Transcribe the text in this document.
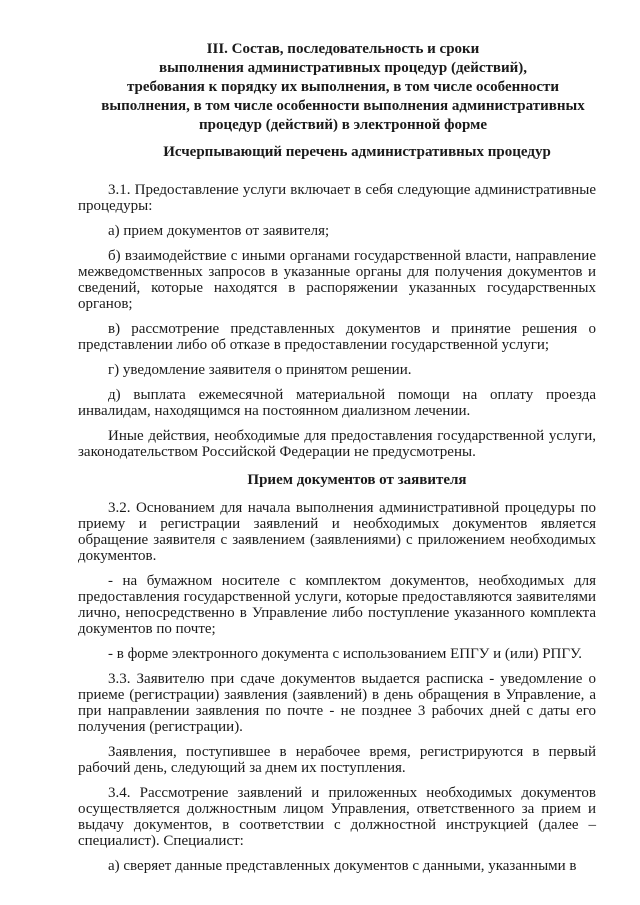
III. Состав, последовательность и сроки
выполнения административных процедур (действий),
требования к порядку их выполнения, в том числе особенности
выполнения, в том числе особенности выполнения административных
процедур (действий) в электронной форме
Исчерпывающий перечень административных процедур

3.1. Предоставление услуги включает в себя следующие административные процедуры:

а) прием документов от заявителя;

б) взаимодействие с иными органами государственной власти, направление межведомственных запросов в указанные органы для получения документов и сведений, которые находятся в распоряжении указанных государственных органов;

в) рассмотрение представленных документов и принятие решения о представлении либо об отказе в предоставлении государственной услуги;

г) уведомление заявителя о принятом решении.

д) выплата ежемесячной материальной помощи на оплату проезда инвалидам, находящимся на постоянном диализном лечении.

Иные действия, необходимые для предоставления государственной услуги, законодательством Российской Федерации не предусмотрены.

Прием документов от заявителя

3.2. Основанием для начала выполнения административной процедуры по приему и регистрации заявлений и необходимых документов является обращение заявителя с заявлением (заявлениями) с приложением необходимых документов.

- на бумажном носителе с комплектом документов, необходимых для предоставления государственной услуги, которые предоставляются заявителями лично, непосредственно в Управление либо поступление указанного комплекта документов по почте;

- в форме электронного документа с использованием ЕПГУ и (или) РПГУ.

3.3. Заявителю при сдаче документов выдается расписка - уведомление о приеме (регистрации) заявления (заявлений) в день обращения в Управление, а при направлении заявления по почте - не позднее 3 рабочих дней с даты его получения (регистрации).

Заявления, поступившее в нерабочее время, регистрируются в первый рабочий день, следующий за днем их поступления.

3.4. Рассмотрение заявлений и приложенных необходимых документов осуществляется должностным лицом Управления, ответственного за прием и выдачу документов, в соответствии с должностной инструкцией (далее – специалист). Специалист:

а) сверяет данные представленных документов с данными, указанными в
